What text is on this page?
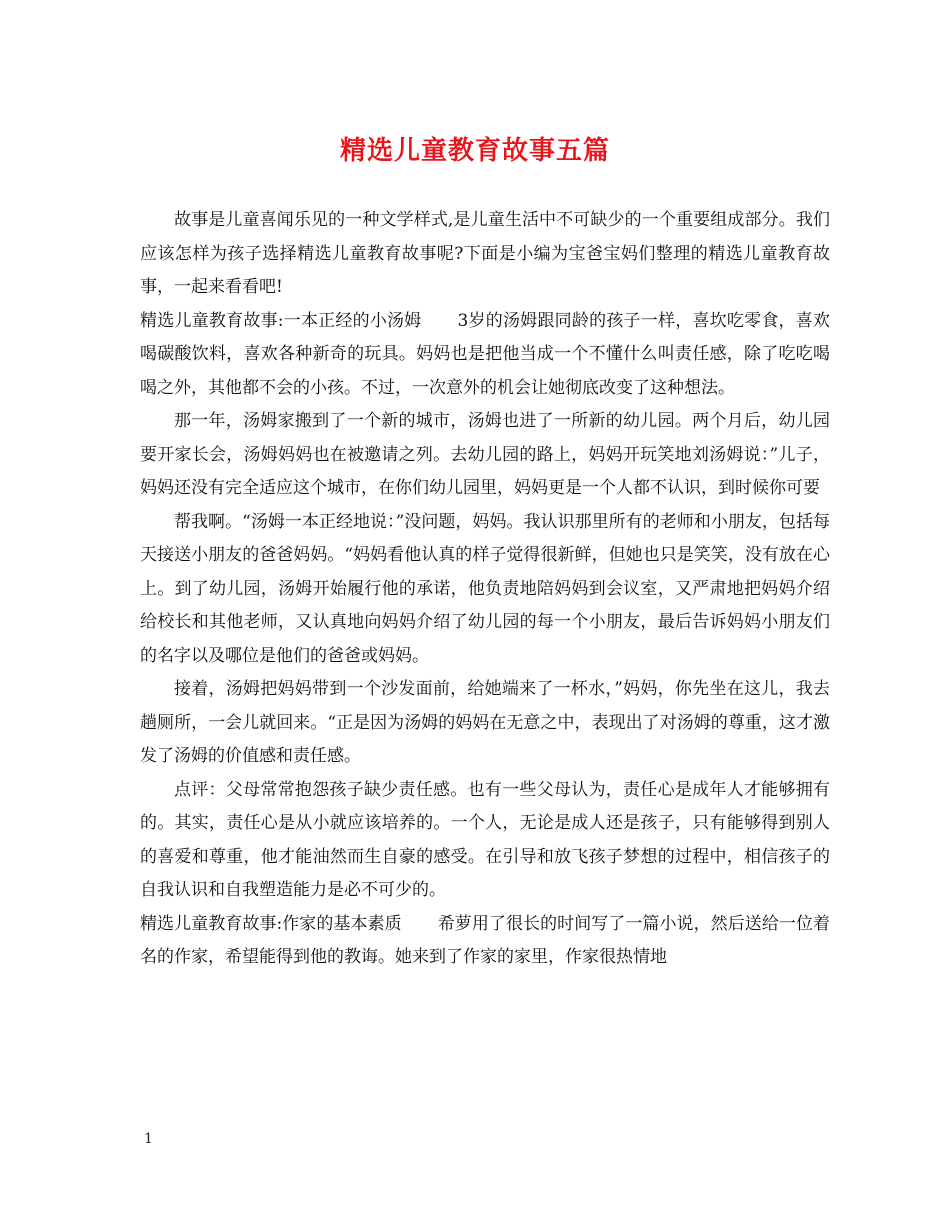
精选儿童教育故事五篇

故事是儿童喜闻乐见的一种文学样式,是儿童生活中不可缺少的一个重要组成部分。我们应该怎样为孩子选择精选儿童教育故事呢?下面是小编为宝爸宝妈们整理的精选儿童教育故事，一起来看看吧!

精选儿童教育故事:一本正经的小汤姆 3岁的汤姆跟同龄的孩子一样，喜坎吃零食，喜欢喝碳酸饮料，喜欢各种新奇的玩具。妈妈也是把他当成一个不懂什么叫责任感，除了吃吃喝喝之外，其他都不会的小孩。不过，一次意外的机会让她彻底改变了这种想法。

那一年，汤姆家搬到了一个新的城市，汤姆也进了一所新的幼儿园。两个月后，幼儿园要开家长会，汤姆妈妈也在被邀请之列。去幼儿园的路上，妈妈开玩笑地刘汤姆说：”儿子，妈妈还没有完全适应这个城市，在你们幼儿园里，妈妈更是一个人都不认识，到时候你可要

帮我啊。“汤姆一本正经地说：”没问题，妈妈。我认识那里所有的老师和小朋友，包括每天接送小朋友的爸爸妈妈。“妈妈看他认真的样子觉得很新鲜，但她也只是笑笑，没有放在心上。到了幼儿园，汤姆开始履行他的承诺，他负责地陪妈妈到会议室，又严肃地把妈妈介绍给校长和其他老师，又认真地向妈妈介绍了幼儿园的每一个小朋友，最后告诉妈妈小朋友们的名字以及哪位是他们的爸爸或妈妈。

接着，汤姆把妈妈带到一个沙发面前，给她端来了一杯水，”妈妈，你先坐在这儿，我去趟厕所，一会儿就回来。“正是因为汤姆的妈妈在无意之中，表现出了对汤姆的尊重，这才激发了汤姆的价值感和责任感。

点评：父母常常抱怨孩子缺少责任感。也有一些父母认为，责任心是成年人才能够拥有的。其实，责任心是从小就应该培养的。一个人，无论是成人还是孩子，只有能够得到别人的喜爱和尊重，他才能油然而生自豪的感受。在引导和放飞孩子梦想的过程中，相信孩子的自我认识和自我塑造能力是必不可少的。

精选儿童教育故事:作家的基本素质 希萝用了很长的时间写了一篇小说，然后送给一位着名的作家，希望能得到他的教诲。她来到了作家的家里，作家很热情地

1
